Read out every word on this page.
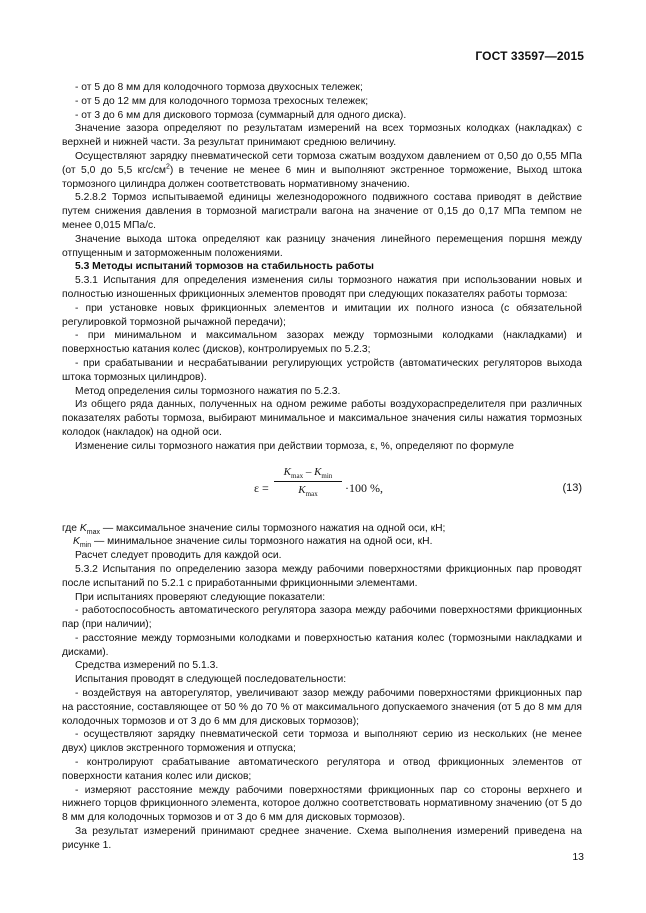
ГОСТ 33597—2015

- от 5 до 8 мм для колодочного тормоза двухосных тележек;

- от 5 до 12 мм для колодочного тормоза трехосных тележек;

- от 3 до 6 мм для дискового тормоза (суммарный для одного диска).

Значение зазора определяют по результатам измерений на всех тормозных колодках (накладках) с верхней и нижней части. За результат принимают среднюю величину.

Осуществляют зарядку пневматической сети тормоза сжатым воздухом давлением от 0,50 до 0,55 МПа (от 5,0 до 5,5 кгс/$см^2$) в течение не менее 6 мин и выполняют экстренное торможение, Выход штока тормозного цилиндра должен соответствовать нормативному значению.

5.2.8.2 Тормоз испытываемой единицы железнодорожного подвижного состава приводят в действие путем снижения давления в тормозной магистрали вагона на значение от 0,15 до 0,17 МПа темпом не менее 0,015 МПа/с.

Значение выхода штока определяют как разницу значения линейного перемещения поршня между отпущенным и заторможенным положениями.

5.3 Методы испытаний тормозов на стабильность работы

5.3.1 Испытания для определения изменения силы тормозного нажатия при использовании новых и полностью изношенных фрикционных элементов проводят при следующих показателях работы тормоза:

- при установке новых фрикционных элементов и имитации их полного износа (с обязательной регулировкой тормозной рычажной передачи);

- при минимальном и максимальном зазорах между тормозными колодками (накладками) и поверхностью катания колес (дисков), контролируемых по 5.2.3;

- при срабатывании и несрабатывании регулирующих устройств (автоматических регуляторов выхода штока тормозных цилиндров).

Метод определения силы тормозного нажатия по 5.2.3.

Из общего ряда данных, полученных на одном режиме работы воздухораспределителя при различных показателях работы тормоза, выбирают минимальное и максимальное значения силы нажатия тормозных колодок (накладок) на одной оси.

Изменение силы тормозного нажатия при действии тормоза, ε, %, определяют по формуле

ε =
$K_{max} - K_{min}$
$K_{max}$	·100 %,	(13)

где $K_{max}$ — максимальное значение силы тормозного нажатия на одной оси, кН;

$K_{min}$ — минимальное значение силы тормозного нажатия на одной оси, кН.

Расчет следует проводить для каждой оси.

5.3.2 Испытания по определению зазора между рабочими поверхностями фрикционных пар проводят после испытаний по 5.2.1 с приработанными фрикционными элементами.

При испытаниях проверяют следующие показатели:

- работоспособность автоматического регулятора зазора между рабочими поверхностями фрикционных пар (при наличии);

- расстояние между тормозными колодками и поверхностью катания колес (тормозными накладками и дисками).

Средства измерений по 5.1.3.

Испытания проводят в следующей последовательности:

- воздействуя на авторегулятор, увеличивают зазор между рабочими поверхностями фрикционных пар на расстояние, составляющее от 50 % до 70 % от максимального допускаемого значения (от 5 до 8 мм для колодочных тормозов и от 3 до 6 мм для дисковых тормозов);

- осуществляют зарядку пневматической сети тормоза и выполняют серию из нескольких (не менее двух) циклов экстренного торможения и отпуска;

- контролируют срабатывание автоматического регулятора и отвод фрикционных элементов от поверхности катания колес или дисков;

- измеряют расстояние между рабочими поверхностями фрикционных пар со стороны верхнего и нижнего торцов фрикционного элемента, которое должно соответствовать нормативному значению (от 5 до 8 мм для колодочных тормозов и от 3 до 6 мм для дисковых тормозов).

За результат измерений принимают среднее значение. Схема выполнения измерений приведена на рисунке 1.

13
